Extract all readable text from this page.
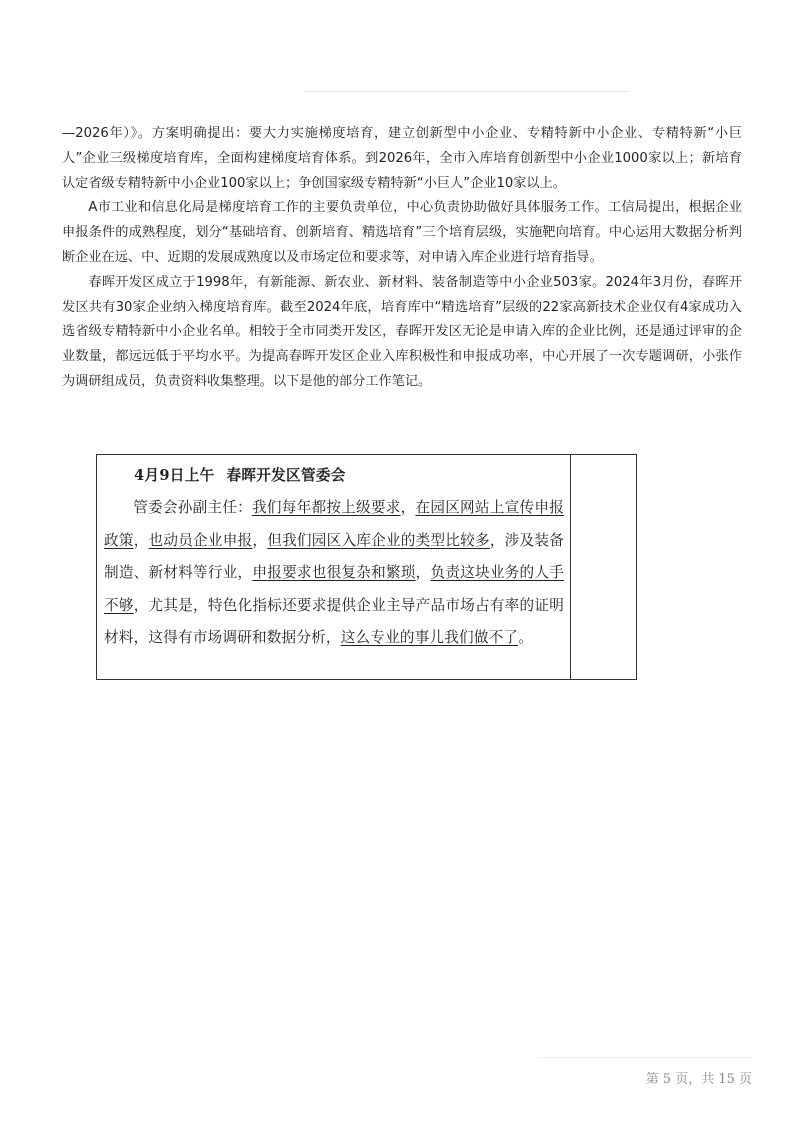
—2026年）》。方案明确提出：要大力实施梯度培育，建立创新型中小企业、专精特新中小企业、专精特新“小巨人”企业三级梯度培育库，全面构建梯度培育体系。到2026年，全市入库培育创新型中小企业1000家以上；新培育认定省级专精特新中小企业100家以上；争创国家级专精特新“小巨人”企业10家以上。

A市工业和信息化局是梯度培育工作的主要负责单位，中心负责协助做好具体服务工作。工信局提出，根据企业申报条件的成熟程度，划分“基础培育、创新培育、精选培育”三个培育层级，实施靶向培育。中心运用大数据分析判断企业在远、中、近期的发展成熟度以及市场定位和要求等，对申请入库企业进行培育指导。

春晖开发区成立于1998年，有新能源、新农业、新材料、装备制造等中小企业503家。2024年3月份，春晖开发区共有30家企业纳入梯度培育库。截至2024年底，培育库中“精选培育”层级的22家高新技术企业仅有4家成功入选省级专精特新中小企业名单。相较于全市同类开发区，春晖开发区无论是申请入库的企业比例，还是通过评审的企业数量，都远远低于平均水平。为提高春晖开发区企业入库积极性和申报成功率，中心开展了一次专题调研，小张作为调研组成员，负责资料收集整理。以下是他的部分工作笔记。

4月9日上午 春晖开发区管委会
管委会孙副主任：我们每年都按上级要求，在园区网站上宣传申报政策，也动员企业申报，但我们园区入库企业的类型比较多，涉及装备制造、新材料等行业，申报要求也很复杂和繁琐，负责这块业务的人手不够，尤其是，特色化指标还要求提供企业主导产品市场占有率的证明材料，这得有市场调研和数据分析，这么专业的事儿我们做不了。
第 5 页，共 15 页
